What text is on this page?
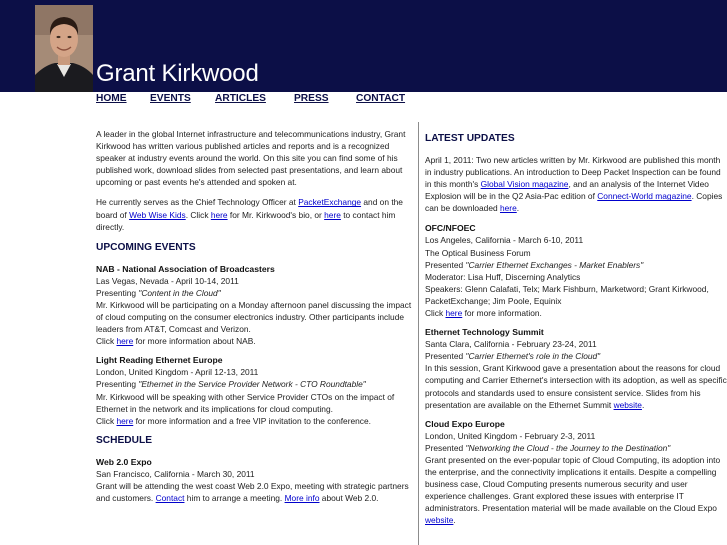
Grant Kirkwood
HOME EVENTS ARTICLES	PRESS	CONTACT
A leader in the global Internet infrastructure and telecommunications industry, Grant Kirkwood has written various published articles and reports and is a recognized speaker at industry events around the world. On this site you can find some of his published work, download slides from selected past presentations, and learn about upcoming or past events he's attended and spoken at.
He currently serves as the Chief Technology Officer at PacketExchange and on the board of Web Wise Kids. Click here for Mr. Kirkwood's bio, or here to contact him directly.
UPCOMING EVENTS
NAB - National Association of Broadcasters
Las Vegas, Nevada - April 10-14, 2011
Presenting "Content in the Cloud"
Mr. Kirkwood will be participating on a Monday afternoon panel discussing the impact of cloud computing on the consumer electronics industry. Other participants include leaders from AT&T, Comcast and Verizon.
Click here for more information about NAB.
Light Reading Ethernet Europe
London, United Kingdom - April 12-13, 2011
Presenting "Ethernet in the Service Provider Network - CTO Roundtable"
Mr. Kirkwood will be speaking with other Service Provider CTOs on the impact of Ethernet in the network and its implications for cloud computing.
Click here for more information and a free VIP invitation to the conference.
SCHEDULE
Web 2.0 Expo
San Francisco, California - March 30, 2011
Grant will be attending the west coast Web 2.0 Expo, meeting with strategic partners and customers. Contact him to arrange a meeting. More info about Web 2.0.
LATEST UPDATES
April 1, 2011: Two new articles written by Mr. Kirkwood are published this month in industry publications. An introduction to Deep Packet Inspection can be found in this month's Global Vision magazine, and an analysis of the Internet Video Explosion will be in the Q2 Asia-Pac edition of Connect-World magazine. Copies can be downloaded here.
OFC/NFOEC
Los Angeles, California - March 6-10, 2011
The Optical Business Forum
Presented "Carrier Ethernet Exchanges - Market Enablers"
Moderator: Lisa Huff, Discerning Analytics
Speakers: Glenn Calafati, Telx; Mark Fishburn, Marketword; Grant Kirkwood, PacketExchange; Jim Poole, Equinix
Click here for more information.
Ethernet Technology Summit
Santa Clara, California - February 23-24, 2011
Presented "Carrier Ethernet's role in the Cloud"
In this session, Grant Kirkwood gave a presentation about the reasons for cloud computing and Carrier Ethernet's intersection with its adoption, as well as specific protocols and standards used to ensure consistent service. Slides from his presentation are available on the Ethernet Summit website.
Cloud Expo Europe
London, United Kingdom - February 2-3, 2011
Presented "Networking the Cloud - the Journey to the Destination"
Grant presented on the ever-popular topic of Cloud Computing, its adoption into the enterprise, and the connectivity implications it entails. Despite a compelling business case, Cloud Computing presents numerous security and user experience challenges. Grant explored these issues with enterprise IT administrators. Presentation material will be made available on the Cloud Expo website.
